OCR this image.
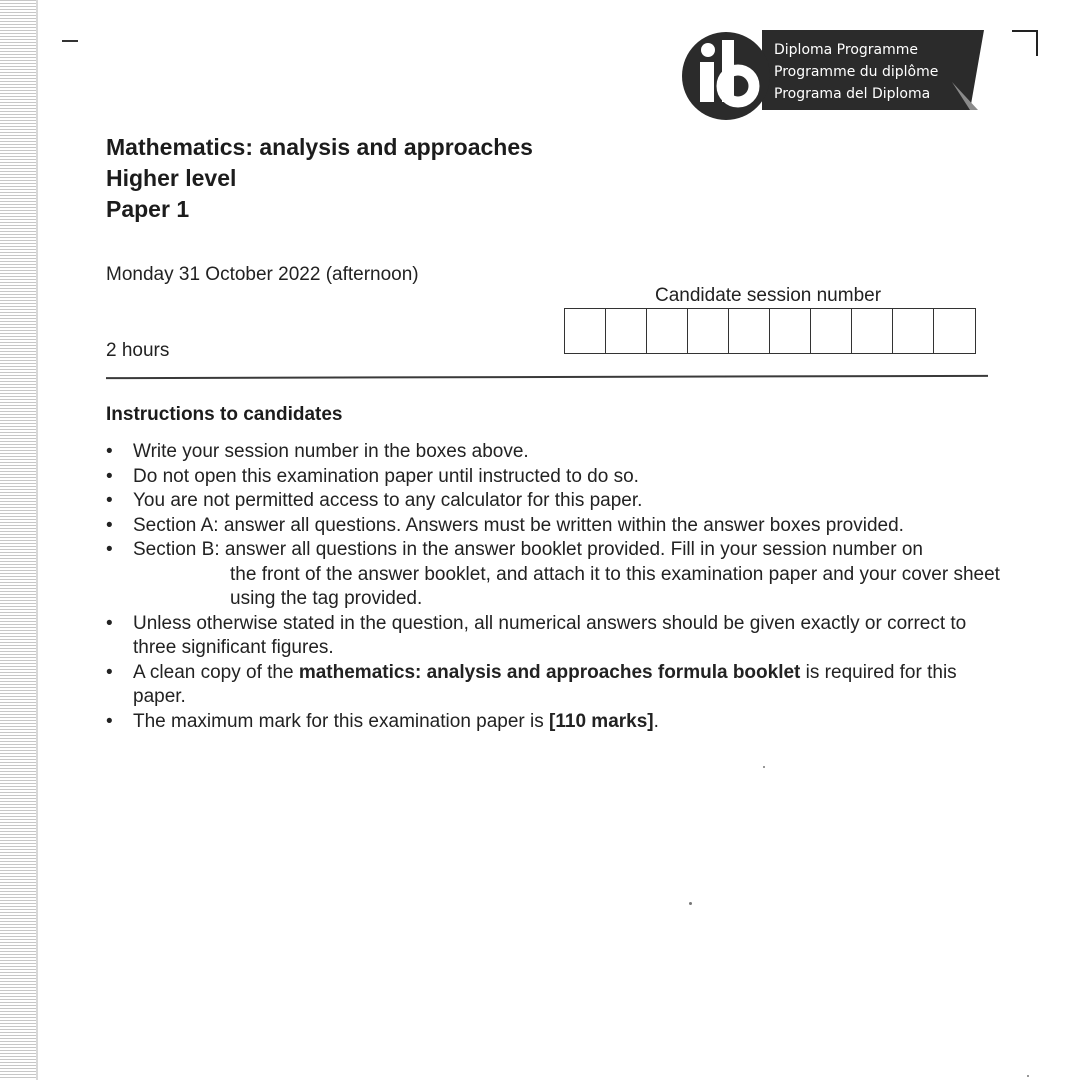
Diploma Programme
Programme du diplôme
Programa del Diploma
Mathematics: analysis and approaches
Higher level
Paper 1
Monday 31 October 2022 (afternoon)
2 hours
Candidate session number
Instructions to candidates
•	Write your session number in the boxes above.
•	Do not open this examination paper until instructed to do so.
•	You are not permitted access to any calculator for this paper.
•	Section A: answer all questions. Answers must be written within the answer boxes provided.
•	Section B: answer all questions in the answer booklet provided. Fill in your session number on
the front of the answer booklet, and attach it to this examination paper and your cover sheet using the tag provided.
•	Unless otherwise stated in the question, all numerical answers should be given exactly or correct to three significant figures.
•	A clean copy of the mathematics: analysis and approaches formula booklet is required for this paper.
•	The maximum mark for this examination paper is [110 marks].
